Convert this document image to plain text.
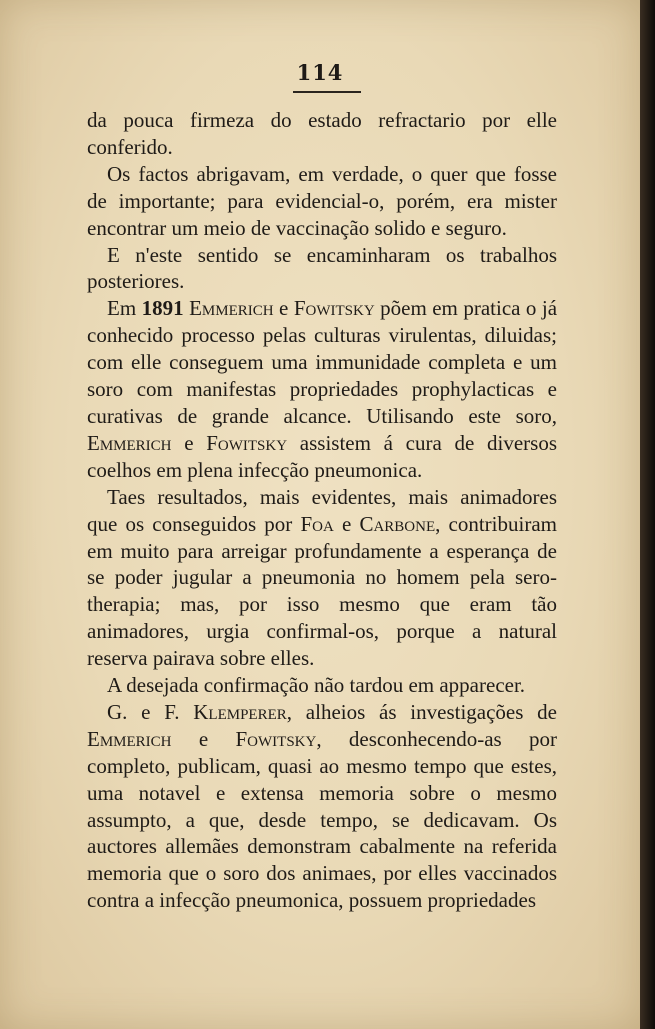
114

da pouca firmeza do estado refractario por elle conferido.

Os factos abrigavam, em verdade, o quer que fosse de importante; para evidencial-o, porém, era mister encontrar um meio de vaccinação solido e seguro.

E n'este sentido se encaminharam os trabalhos posteriores.

Em 1891 Emmerich e Fowitsky põem em pratica o já conhecido processo pelas culturas virulentas, diluidas; com elle conseguem uma immunidade completa e um soro com manifestas propriedades prophylacticas e curativas de grande alcance. Utilisando este soro, Emmerich e Fowitsky assistem á cura de diversos coelhos em plena infecção pneumonica.

Taes resultados, mais evidentes, mais animadores que os conseguidos por Foa e Carbone, contribuiram em muito para arreigar profundamente a esperança de se poder jugular a pneumonia no homem pela sero-therapia; mas, por isso mesmo que eram tão animadores, urgia confirmal-os, porque a natural reserva pairava sobre elles.

A desejada confirmação não tardou em apparecer.

G. e F. Klemperer, alheios ás investigações de Emmerich e Fowitsky, desconhecendo-as por completo, publicam, quasi ao mesmo tempo que estes, uma notavel e extensa memoria sobre o mesmo assumpto, a que, desde tempo, se dedicavam. Os auctores allemães demonstram cabalmente na referida memoria que o soro dos animaes, por elles vaccinados contra a infecção pneumonica, possuem propriedades
